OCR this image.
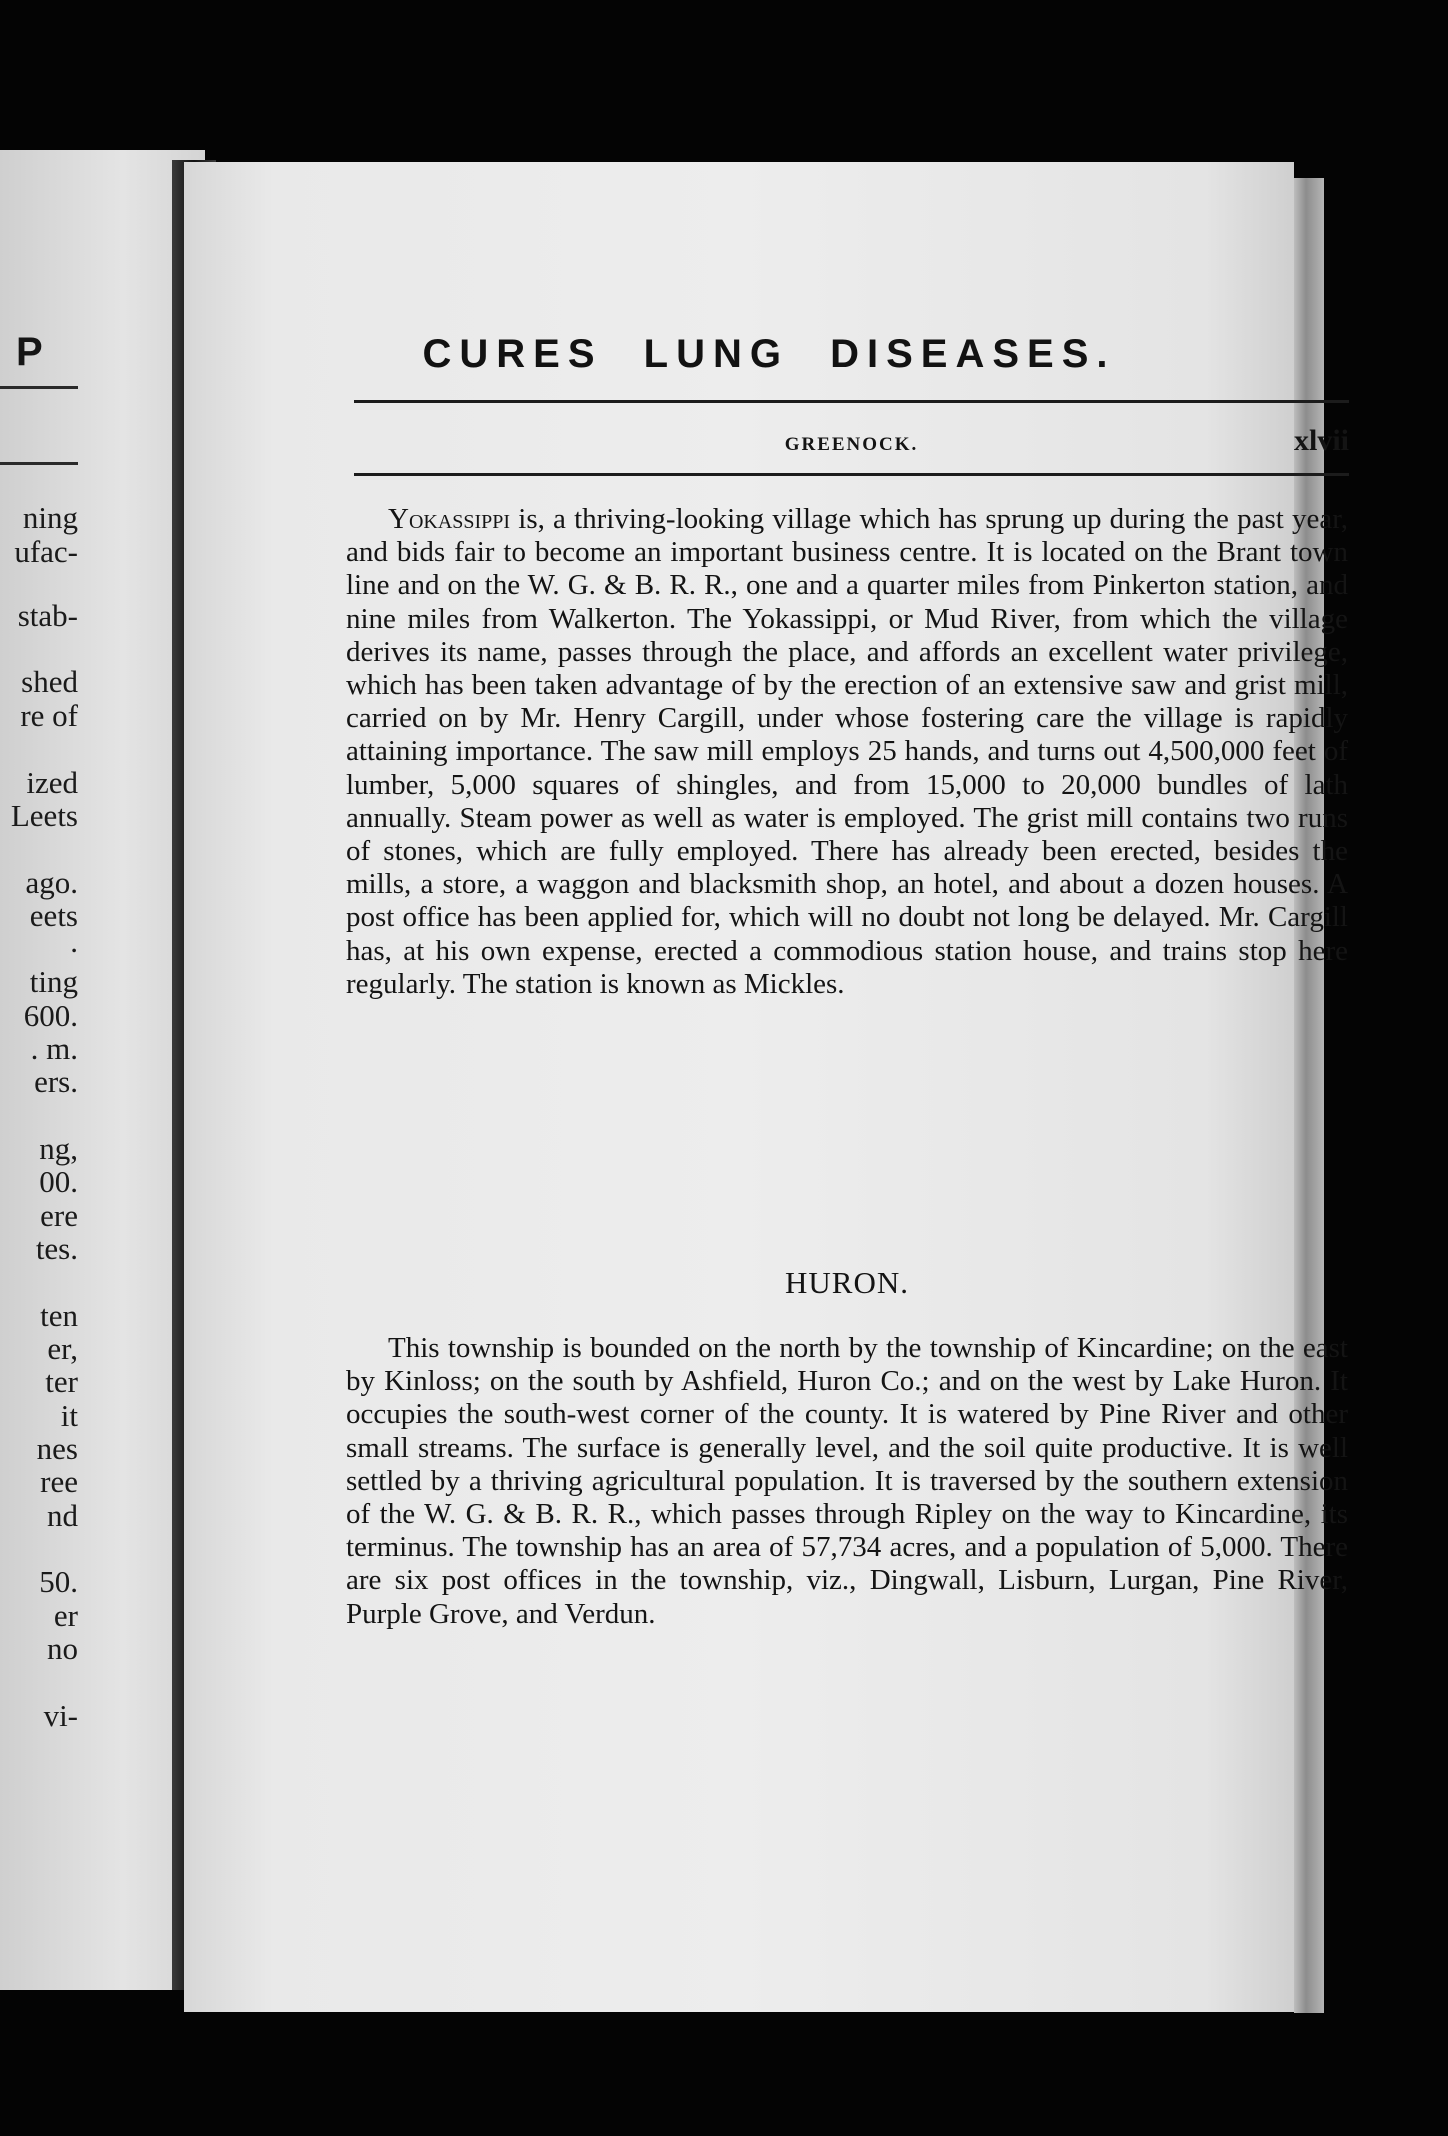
P
ning
ufac-
stab-
shed
re of
ized
Leets
ago.
eets
.
ting
600.
. m.
ers.
ng,
00.
ere
tes.
ten
er,
ter
it
nes
ree
nd
50.
er
no
vi-
CURES LUNG DISEASES.
GREENOCK.	xlvii

Yokassippi is, a thriving-looking village which has sprung up during the past year, and bids fair to become an important business centre. It is located on the Brant town line and on the W. G. & B. R. R., one and a quarter miles from Pinkerton station, and nine miles from Walkerton. The Yokassippi, or Mud River, from which the village derives its name, passes through the place, and affords an excellent water privilege, which has been taken advantage of by the erection of an extensive saw and grist mill, carried on by Mr. Henry Cargill, under whose fostering care the village is rapidly attaining importance. The saw mill employs 25 hands, and turns out 4,500,000 feet of lumber, 5,000 squares of shingles, and from 15,000 to 20,000 bundles of lath annually. Steam power as well as water is employed. The grist mill contains two runs of stones, which are fully employed. There has already been erected, besides the mills, a store, a waggon and blacksmith shop, an hotel, and about a dozen houses. A post office has been applied for, which will no doubt not long be delayed. Mr. Cargill has, at his own expense, erected a commodious station house, and trains stop here regularly. The station is known as Mickles.

HURON.

This township is bounded on the north by the township of Kincardine; on the east by Kinloss; on the south by Ashfield, Huron Co.; and on the west by Lake Huron. It occupies the south-west corner of the county. It is watered by Pine River and other small streams. The surface is generally level, and the soil quite productive. It is well settled by a thriving agricultural population. It is traversed by the southern extension of the W. G. & B. R. R., which passes through Ripley on the way to Kincardine, its terminus. The township has an area of 57,734 acres, and a population of 5,000. There are six post offices in the township, viz., Dingwall, Lisburn, Lurgan, Pine River, Purple Grove, and Verdun.
